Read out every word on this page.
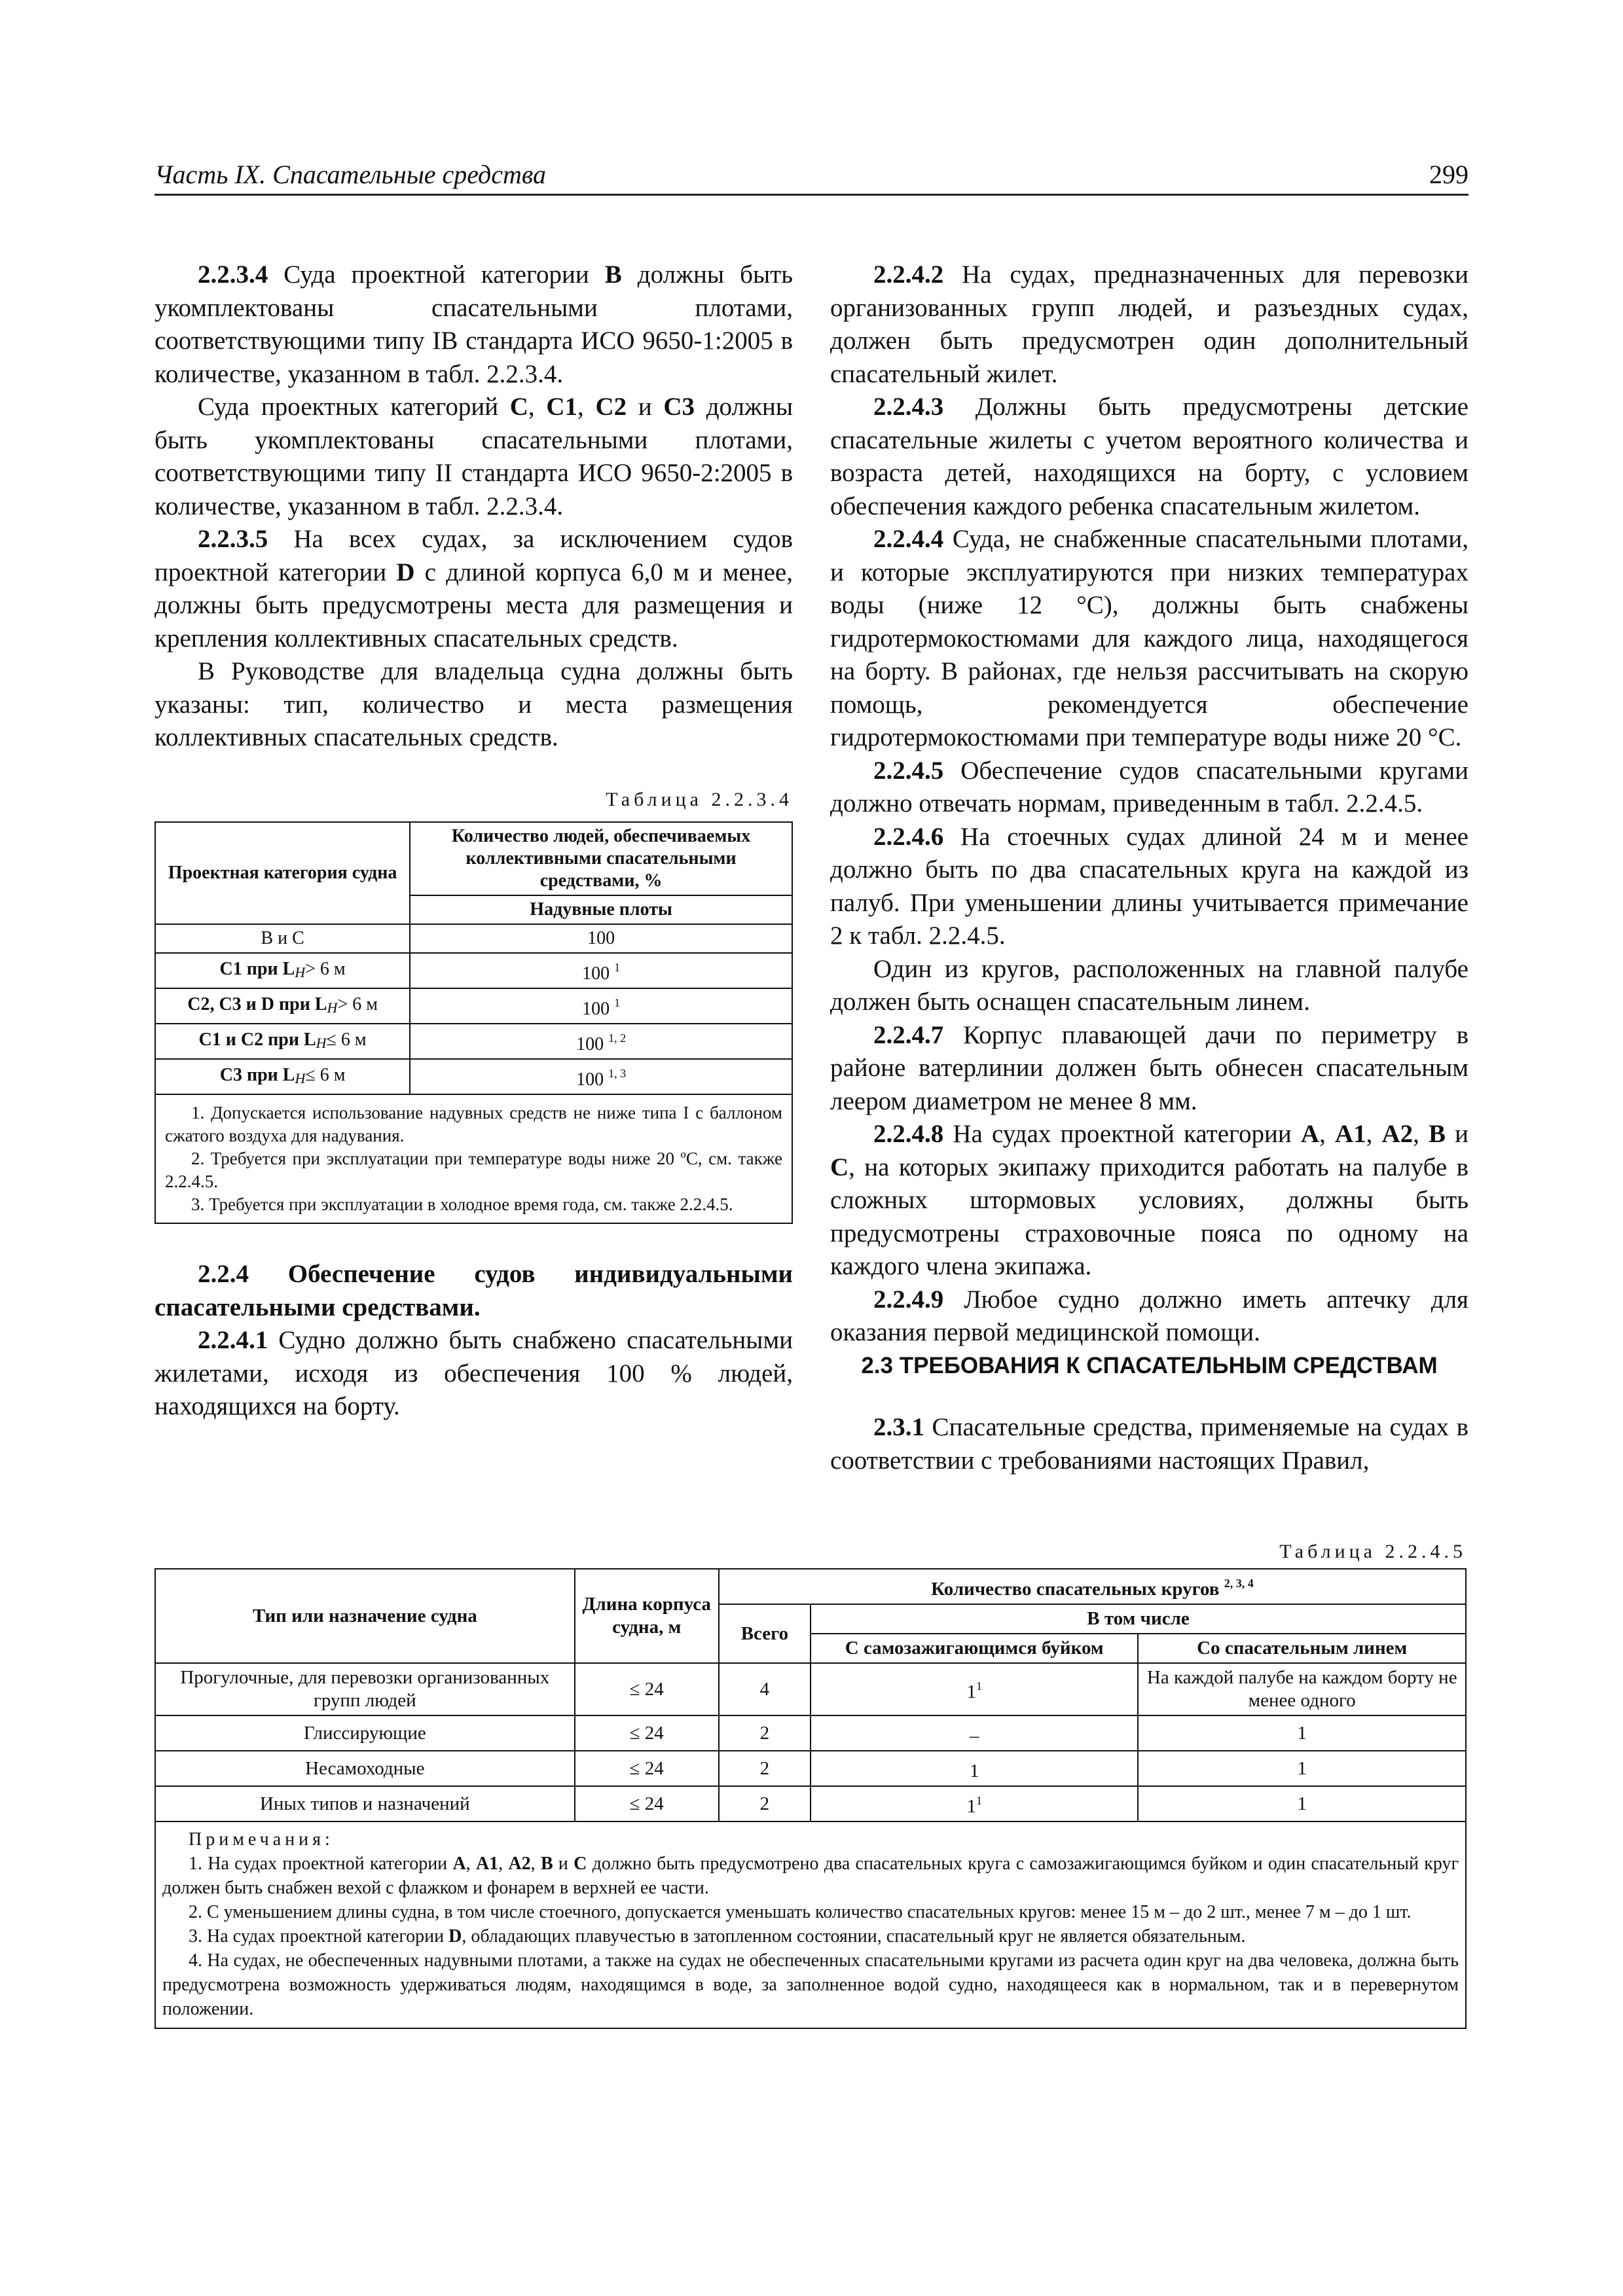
Часть IX. Спасательные средства	299

2.2.3.4 Суда проектной категории B должны быть укомплектованы спасательными плотами, соответствующими типу IB стандарта ИСО 9650-1:2005 в количестве, указанном в табл. 2.2.3.4.

Суда проектных категорий C, C1, C2 и C3 должны быть укомплектованы спасательными плотами, соответствующими типу II стандарта ИСО 9650-2:2005 в количестве, указанном в табл. 2.2.3.4.

2.2.3.5 На всех судах, за исключением судов проектной категории D с длиной корпуса 6,0 м и менее, должны быть предусмотрены места для размещения и крепления коллективных спасательных средств.

В Руководстве для владельца судна должны быть указаны: тип, количество и места размещения коллективных спасательных средств.

Таблица 2.2.3.4
Проектная категория судна	Количество людей, обеспечиваемых коллективными спасательными средствами, %
	Надувные плоты
B и C	100
C1 при LH> 6 м	100 $^1$
C2, C3 и D при LH> 6 м	100 $^1$
C1 и C2 при LH≤ 6 м	100 $^{1, 2}$
C3 при LH≤ 6 м	100 $^{1, 3}$

1. Допускается использование надувных средств не ниже типа I с баллоном сжатого воздуха для надувания.
2. Требуется при эксплуатации при температуре воды ниже 20 ºC, см. также 2.2.4.5.
3. Требуется при эксплуатации в холодное время года, см. также 2.2.4.5.	

2.2.4 Обеспечение судов индивидуальными спасательными средствами.

2.2.4.1 Судно должно быть снабжено спасательными жилетами, исходя из обеспечения 100 % людей, находящихся на борту.

2.2.4.2 На судах, предназначенных для перевозки организованных групп людей, и разъездных судах, должен быть предусмотрен один дополнительный спасательный жилет.

2.2.4.3 Должны быть предусмотрены детские спасательные жилеты с учетом вероятного количества и возраста детей, находящихся на борту, с условием обеспечения каждого ребенка спасательным жилетом.

2.2.4.4 Суда, не снабженные спасательными плотами, и которые эксплуатируются при низких температурах воды (ниже 12 °C), должны быть снабжены гидротермокостюмами для каждого лица, находящегося на борту. В районах, где нельзя рассчитывать на скорую помощь, рекомендуется обеспечение гидротермокостюмами при температуре воды ниже 20 °C.

2.2.4.5 Обеспечение судов спасательными кругами должно отвечать нормам, приведенным в табл. 2.2.4.5.

2.2.4.6 На стоечных судах длиной 24 м и менее должно быть по два спасательных круга на каждой из палуб. При уменьшении длины учитывается примечание 2 к табл. 2.2.4.5.

Один из кругов, расположенных на главной палубе должен быть оснащен спасательным линем.

2.2.4.7 Корпус плавающей дачи по периметру в районе ватерлинии должен быть обнесен спасательным леером диаметром не менее 8 мм.

2.2.4.8 На судах проектной категории A, A1, A2, B и C, на которых экипажу приходится работать на палубе в сложных штормовых условиях, должны быть предусмотрены страховочные пояса по одному на каждого члена экипажа.

2.2.4.9 Любое судно должно иметь аптечку для оказания первой медицинской помощи.

2.3 ТРЕБОВАНИЯ К СПАСАТЕЛЬНЫМ СРЕДСТВАМ

2.3.1 Спасательные средства, применяемые на судах в соответствии с требованиями настоящих Правил,

Таблица 2.2.4.5
Тип или назначение судна	Длина корпуса судна, м	Количество спасательных кругов $^{2, 3, 4}$
		Всего	В том числе	
			С самозажигающимся буйком	Со спасательным линем
Прогулочные, для перевозки организованных групп людей	≤ 24	4	$1^1$	На каждой палубе на каждом борту не менее одного
Глиссирующие	≤ 24	2	–	1
Несамоходные	≤ 24	2	1	1
Иных типов и назначений	≤ 24	2	$1^1$	1

Примечания:
1. На судах проектной категории A, A1, A2, B и C должно быть предусмотрено два спасательных круга с самозажигающимся буйком и один спасательный круг должен быть снабжен вехой с флажком и фонарем в верхней ее части.
2. С уменьшением длины судна, в том числе стоечного, допускается уменьшать количество спасательных кругов: менее 15 м – до 2 шт., менее 7 м – до 1 шт.
3. На судах проектной категории D, обладающих плавучестью в затопленном состоянии, спасательный круг не является обязательным.
4. На судах, не обеспеченных надувными плотами, а также на судах не обеспеченных спасательными кругами из расчета один круг на два человека, должна быть предусмотрена возможность удерживаться людям, находящимся в воде, за заполненное водой судно, находящееся как в нормальном, так и в перевернутом положении.				
